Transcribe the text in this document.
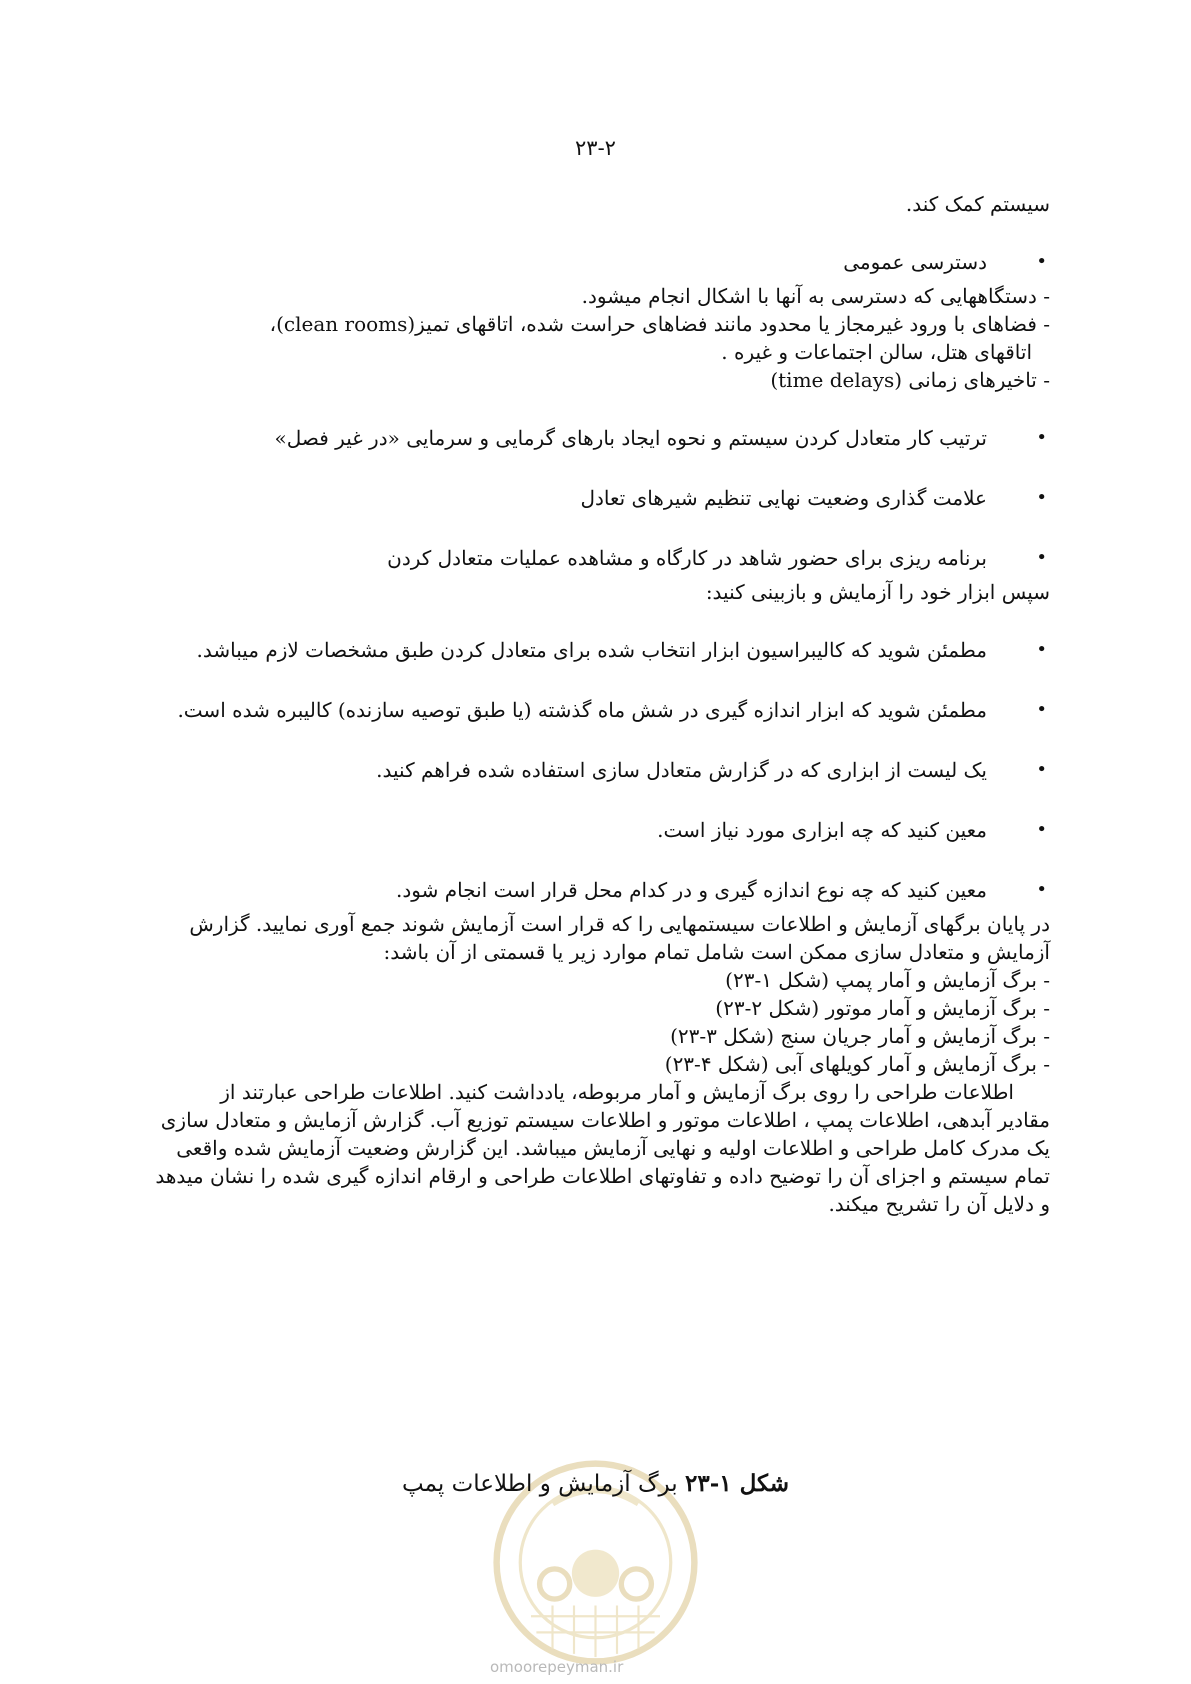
۲۳-۲

سیستم کمک کند.

• دسترسی عمومی

- دستگاههایی که دسترسی به آنها با اشکال انجام میشود.

- فضاهای با ورود غیرمجاز یا محدود مانند فضاهای حراست شده، اتاقهای تمیز(clean rooms)،

اتاقهای هتل، سالن اجتماعات و غیره .

- تاخیرهای زمانی (time delays)

• ترتیب کار متعادل کردن سیستم و نحوه ایجاد بارهای گرمایی و سرمایی «در غیر فصل»

• علامت گذاری وضعیت نهایی تنظیم شیرهای تعادل

• برنامه ریزی برای حضور شاهد در کارگاه و مشاهده عملیات متعادل کردن

سپس ابزار خود را آزمایش و بازبینی کنید:

• مطمئن شوید که کالیبراسیون ابزار انتخاب شده برای متعادل کردن طبق مشخصات لازم میباشد.

• مطمئن شوید که ابزار اندازه گیری در شش ماه گذشته (یا طبق توصیه سازنده) کالیبره شده است.

• یک لیست از ابزاری که در گزارش متعادل سازی استفاده شده فراهم کنید.

• معین کنید که چه ابزاری مورد نیاز است.

• معین کنید که چه نوع اندازه گیری و در کدام محل قرار است انجام شود.

در پایان برگهای آزمایش و اطلاعات سیستمهایی را که قرار است آزمایش شوند جمع آوری نمایید. گزارش

آزمایش و متعادل سازی ممکن است شامل تمام موارد زیر یا قسمتی از آن باشد:

- برگ آزمایش و آمار پمپ (شکل ۱-۲۳)

- برگ آزمایش و آمار موتور (شکل ۲-۲۳)

- برگ آزمایش و آمار جریان سنج (شکل ۳-۲۳)

- برگ آزمایش و آمار کویلهای آبی (شکل ۴-۲۳)

اطلاعات طراحی را روی برگ آزمایش و آمار مربوطه، یادداشت کنید. اطلاعات طراحی عبارتند از

مقادیر آبدهی، اطلاعات پمپ ، اطلاعات موتور و اطلاعات سیستم توزیع آب. گزارش آزمایش و متعادل سازی

یک مدرک کامل طراحی و اطلاعات اولیه و نهایی آزمایش میباشد. این گزارش وضعیت آزمایش شده واقعی

تمام سیستم و اجزای آن را توضیح داده و تفاوتهای اطلاعات طراحی و ارقام اندازه گیری شده را نشان میدهد

و دلایل آن را تشریح میکند.

omoorepeyman.ir
شکل ۱-۲۳ برگ آزمایش و اطلاعات پمپ
